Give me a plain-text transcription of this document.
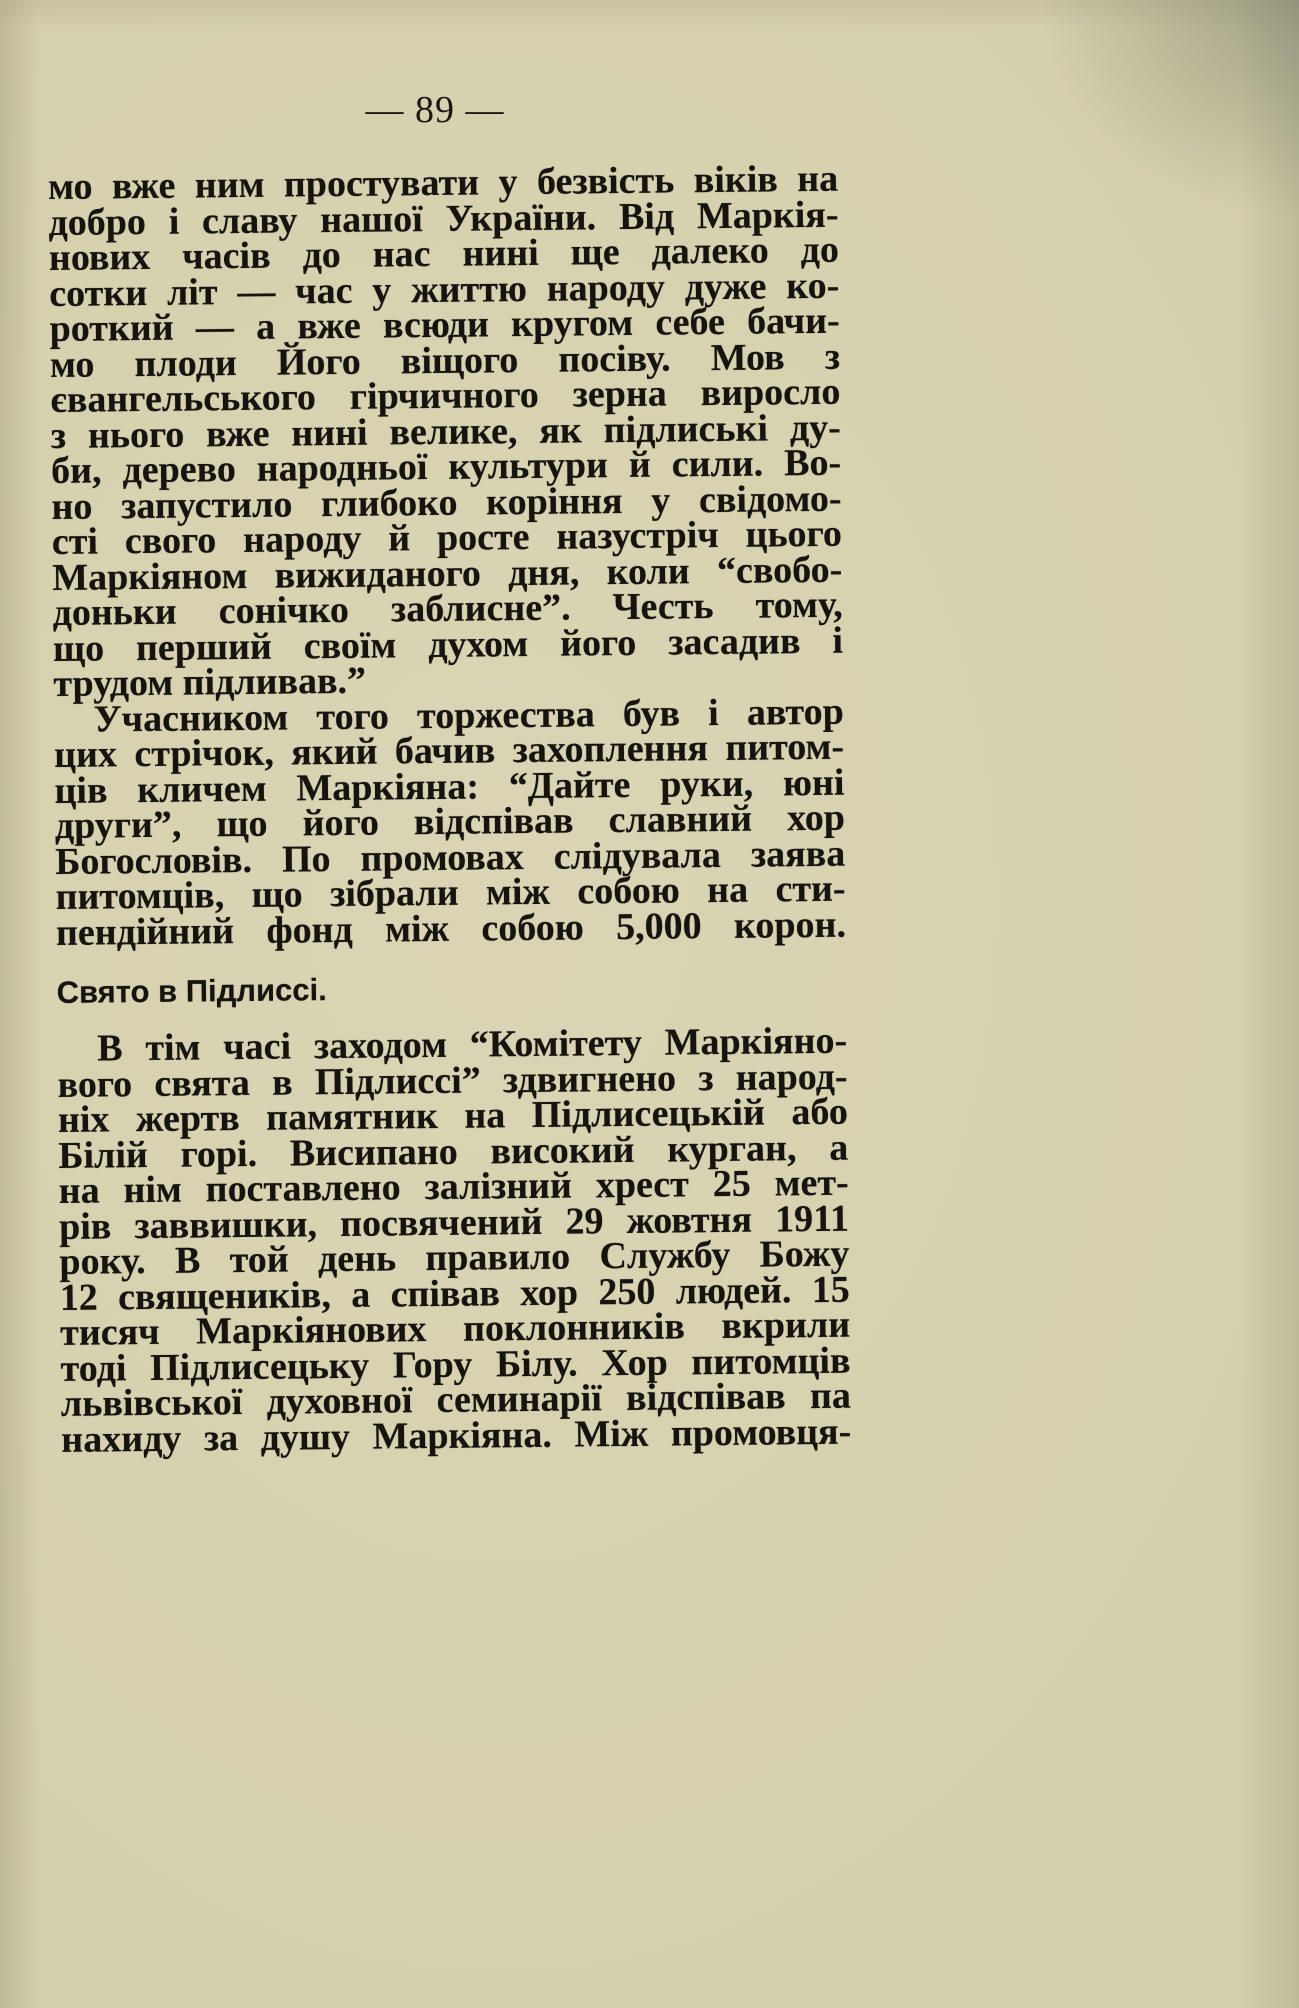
— 89 —
мо вже ним простувати у безвість віків на
добро і славу нашої України. Від Маркія-
нових часів до нас нині ще далеко до
сотки літ — час у життю народу дуже ко-
роткий — а вже всюди кругом себе бачи-
мо плоди Його віщого посіву. Мов з
євангельського гірчичного зерна виросло
з нього вже нині велике, як підлиські ду-
би, дерево народньої культури й сили. Во-
но запустило глибоко коріння у свідомо-
сті свого народу й росте назустріч цього
Маркіяном вижиданого дня, коли “свобо-
доньки сонічко заблисне”. Честь тому,
що перший своїм духом його засадив і
трудом підливав.”
Учасником того торжества був і автор
цих стрічок, який бачив захоплення питом-
ців кличем Маркіяна: “Дайте руки, юні
други”, що його відспівав славний хор
Богословів. По промовах слідувала заява
питомців, що зібрали між собою на сти-
пендійний фонд між собою 5,000 корон.
Свято в Підлиссі.
В тім часі заходом “Комітету Маркіяно-
вого свята в Підлиссі” здвигнено з народ-
ніх жертв памятник на Підлисецькій або
Білій горі. Висипано високий курган, а
на нім поставлено залізний хрест 25 мет-
рів заввишки, посвячений 29 жовтня 1911
року. В той день правило Службу Божу
12 священиків, а співав хор 250 людей. 15
тисяч Маркіянових поклонників вкрили
тоді Підлисецьку Гору Білу. Хор питомців
львівської духовної семинарії відспівав па
нахиду за душу Маркіяна. Між промовця-
